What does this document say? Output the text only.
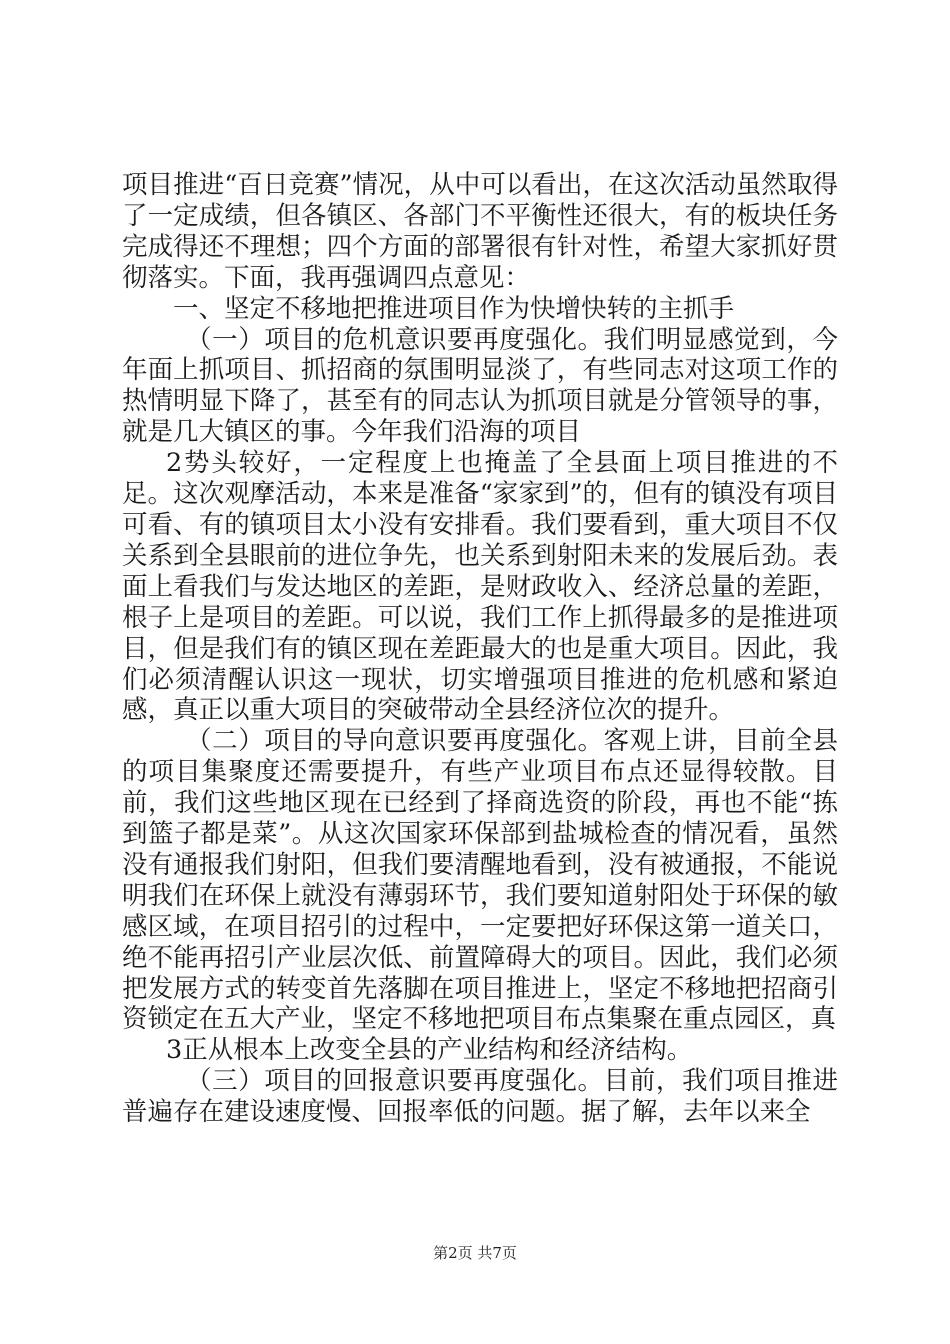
项目推进“百日竞赛”情况，从中可以看出，在这次活动虽然取得了一定成绩，但各镇区、各部门不平衡性还很大，有的板块任务完成得还不理想；四个方面的部署很有针对性，希望大家抓好贯彻落实。下面，我再强调四点意见：

一、坚定不移地把推进项目作为快增快转的主抓手

（一）项目的危机意识要再度强化。我们明显感觉到，今年面上抓项目、抓招商的氛围明显淡了，有些同志对这项工作的热情明显下降了，甚至有的同志认为抓项目就是分管领导的事，就是几大镇区的事。今年我们沿海的项目

2势头较好，一定程度上也掩盖了全县面上项目推进的不足。这次观摩活动，本来是准备“家家到”的，但有的镇没有项目可看、有的镇项目太小没有安排看。我们要看到，重大项目不仅关系到全县眼前的进位争先，也关系到射阳未来的发展后劲。表面上看我们与发达地区的差距，是财政收入、经济总量的差距，根子上是项目的差距。可以说，我们工作上抓得最多的是推进项目，但是我们有的镇区现在差距最大的也是重大项目。因此，我们必须清醒认识这一现状，切实增强项目推进的危机感和紧迫感，真正以重大项目的突破带动全县经济位次的提升。

（二）项目的导向意识要再度强化。客观上讲，目前全县的项目集聚度还需要提升，有些产业项目布点还显得较散。目前，我们这些地区现在已经到了择商选资的阶段，再也不能“拣到篮子都是菜”。从这次国家环保部到盐城检查的情况看，虽然没有通报我们射阳，但我们要清醒地看到，没有被通报，不能说明我们在环保上就没有薄弱环节，我们要知道射阳处于环保的敏感区域，在项目招引的过程中，一定要把好环保这第一道关口，绝不能再招引产业层次低、前置障碍大的项目。因此，我们必须把发展方式的转变首先落脚在项目推进上，坚定不移地把招商引资锁定在五大产业，坚定不移地把项目布点集聚在重点园区，真

3正从根本上改变全县的产业结构和经济结构。

（三）项目的回报意识要再度强化。目前，我们项目推进普遍存在建设速度慢、回报率低的问题。据了解，去年以来全

第2页 共7页
